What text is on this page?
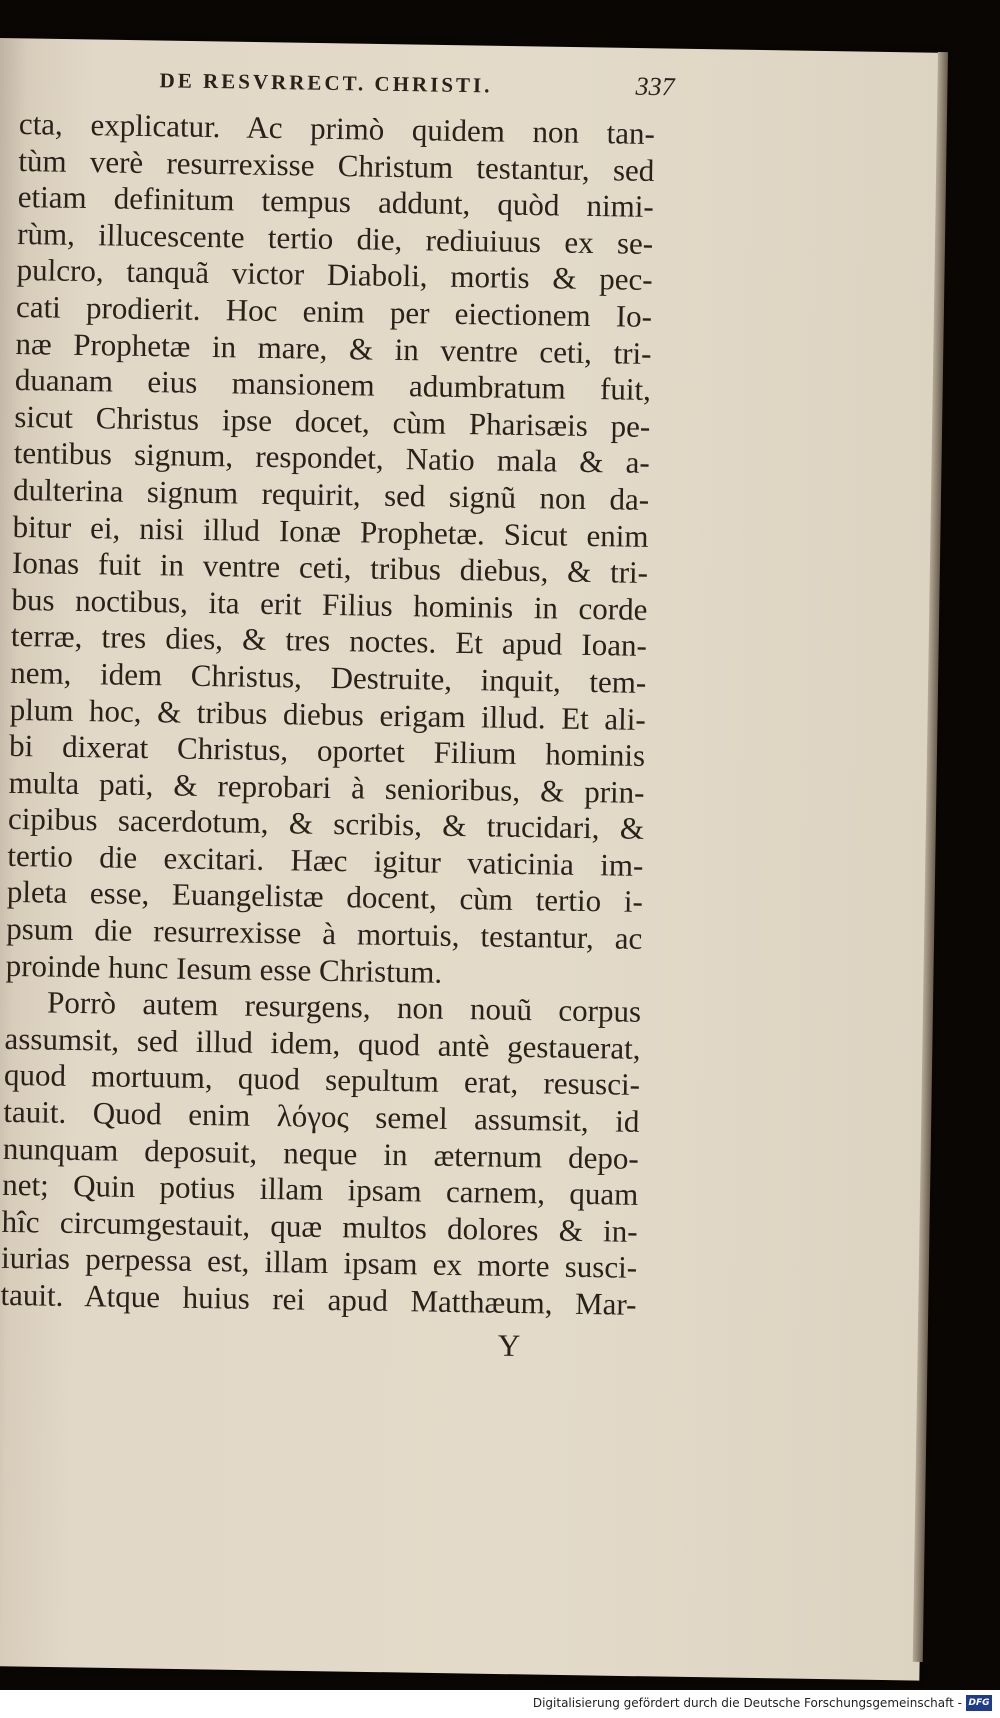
DE RESVRRECT. CHRISTI.	337
cta, explicatur. Ac primò quidem non tan-
tùm verè resurrexisse Christum testantur, sed
etiam definitum tempus addunt, quòd nimi-
rùm, illucescente tertio die, rediuiuus ex se-
pulcro, tanquã victor Diaboli, mortis & pec-
cati prodierit. Hoc enim per eiectionem Io-
næ Prophetæ in mare, & in ventre ceti, tri-
duanam eius mansionem adumbratum fuit,
sicut Christus ipse docet, cùm Pharisæis pe-
tentibus signum, respondet, Natio mala & a-
dulterina signum requirit, sed signũ non da-
bitur ei, nisi illud Ionæ Prophetæ. Sicut enim
Ionas fuit in ventre ceti, tribus diebus, & tri-
bus noctibus, ita erit Filius hominis in corde
terræ, tres dies, & tres noctes. Et apud Ioan-
nem, idem Christus, Destruite, inquit, tem-
plum hoc, & tribus diebus erigam illud. Et ali-
bi dixerat Christus, oportet Filium hominis
multa pati, & reprobari à senioribus, & prin-
cipibus sacerdotum, & scribis, & trucidari, &
tertio die excitari. Hæc igitur vaticinia im-
pleta esse, Euangelistæ docent, cùm tertio i-
psum die resurrexisse à mortuis, testantur, ac
proinde hunc Iesum esse Christum.
Porrò autem resurgens, non nouũ corpus
assumsit, sed illud idem, quod antè gestauerat,
quod mortuum, quod sepultum erat, resusci-
tauit. Quod enim λόγος semel assumsit, id
nunquam deposuit, neque in æternum depo-
net; Quin potius illam ipsam carnem, quam
hîc circumgestauit, quæ multos dolores & in-
iurias perpessa est, illam ipsam ex morte susci-
tauit. Atque huius rei apud Matthæum, Mar-
Y
Digitalisierung gefördert durch die Deutsche Forschungsgemeinschaft - DFG
